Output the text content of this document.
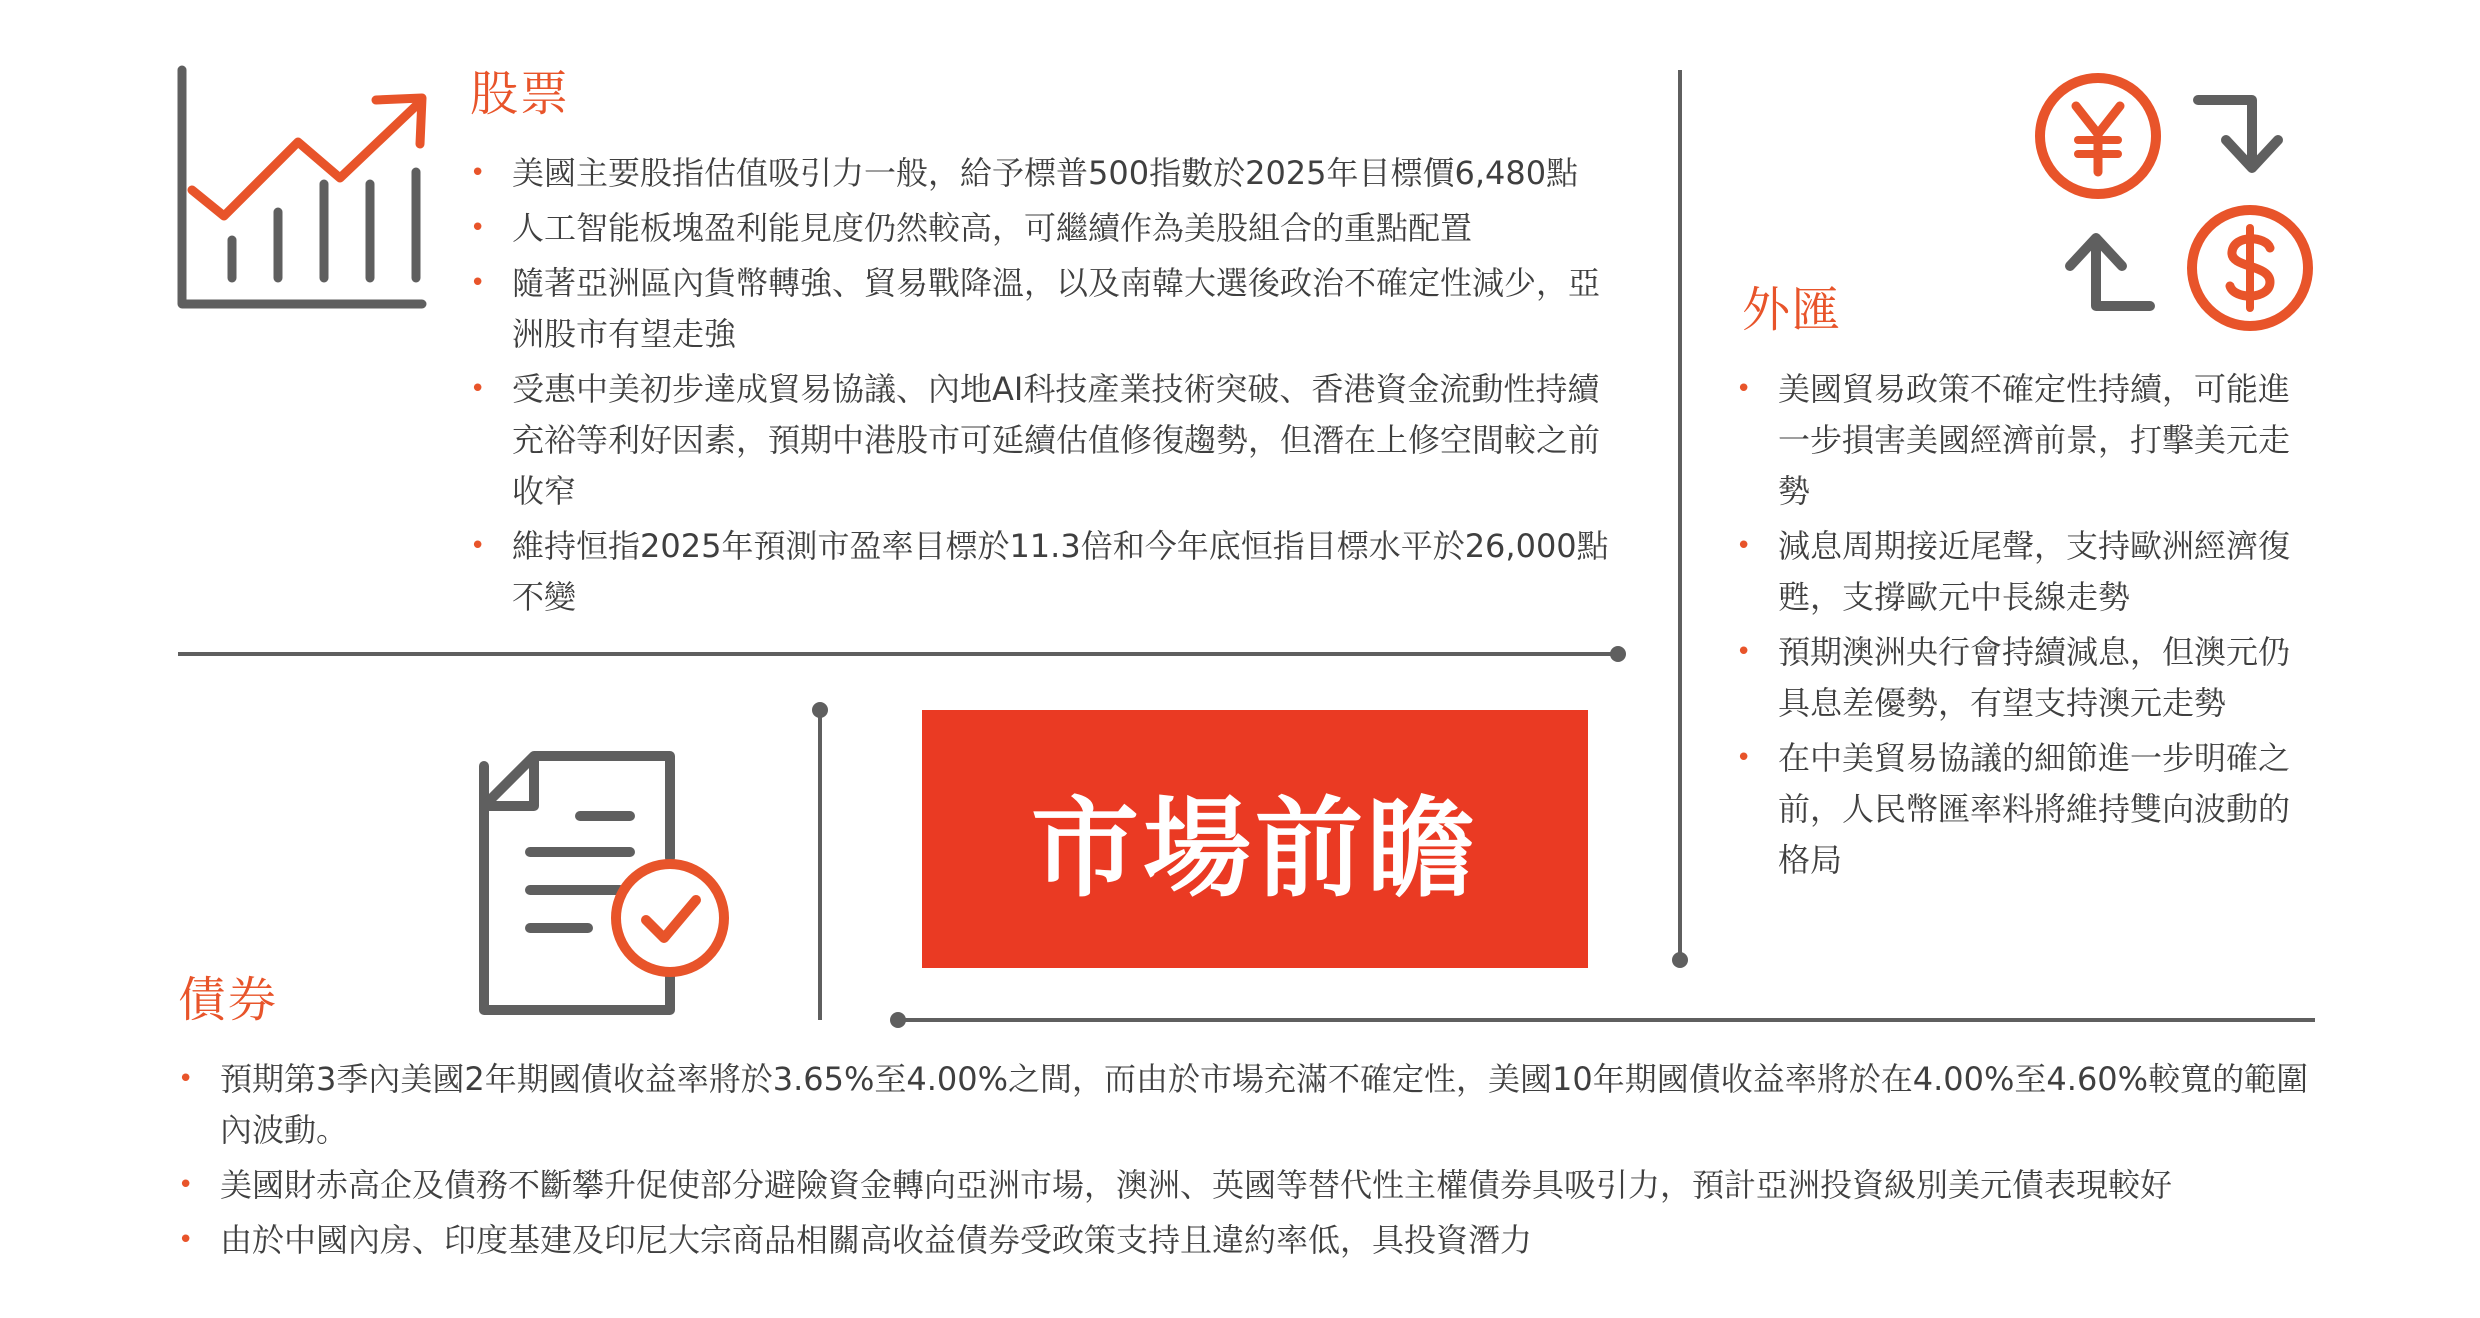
股票
• 美國主要股指估值吸引力一般，給予標普500指數於2025年目標價6,480點
• 人工智能板塊盈利能見度仍然較高，可繼續作為美股組合的重點配置
• 隨著亞洲區內貨幣轉強、貿易戰降溫，以及南韓大選後政治不確定性減少，亞洲股市有望走強
• 受惠中美初步達成貿易協議、內地AI科技產業技術突破、香港資金流動性持續充裕等利好因素，預期中港股市可延續估值修復趨勢，但潛在上修空間較之前收窄
• 維持恒指2025年預測市盈率目標於11.3倍和今年底恒指目標水平於26,000點不變
市場前瞻
外匯
• 美國貿易政策不確定性持續，可能進一步損害美國經濟前景，打擊美元走勢
• 減息周期接近尾聲，支持歐洲經濟復甦，支撐歐元中長線走勢
• 預期澳洲央行會持續減息，但澳元仍具息差優勢，有望支持澳元走勢
• 在中美貿易協議的細節進一步明確之前，人民幣匯率料將維持雙向波動的格局
債券
• 預期第3季內美國2年期國債收益率將於3.65%至4.00%之間，而由於市場充滿不確定性，美國10年期國債收益率將於在4.00%至4.60%較寬的範圍內波動。
• 美國財赤高企及債務不斷攀升促使部分避險資金轉向亞洲市場，澳洲、英國等替代性主權債券具吸引力，預計亞洲投資級別美元債表現較好
• 由於中國內房、印度基建及印尼大宗商品相關高收益債券受政策支持且違約率低，具投資潛力
